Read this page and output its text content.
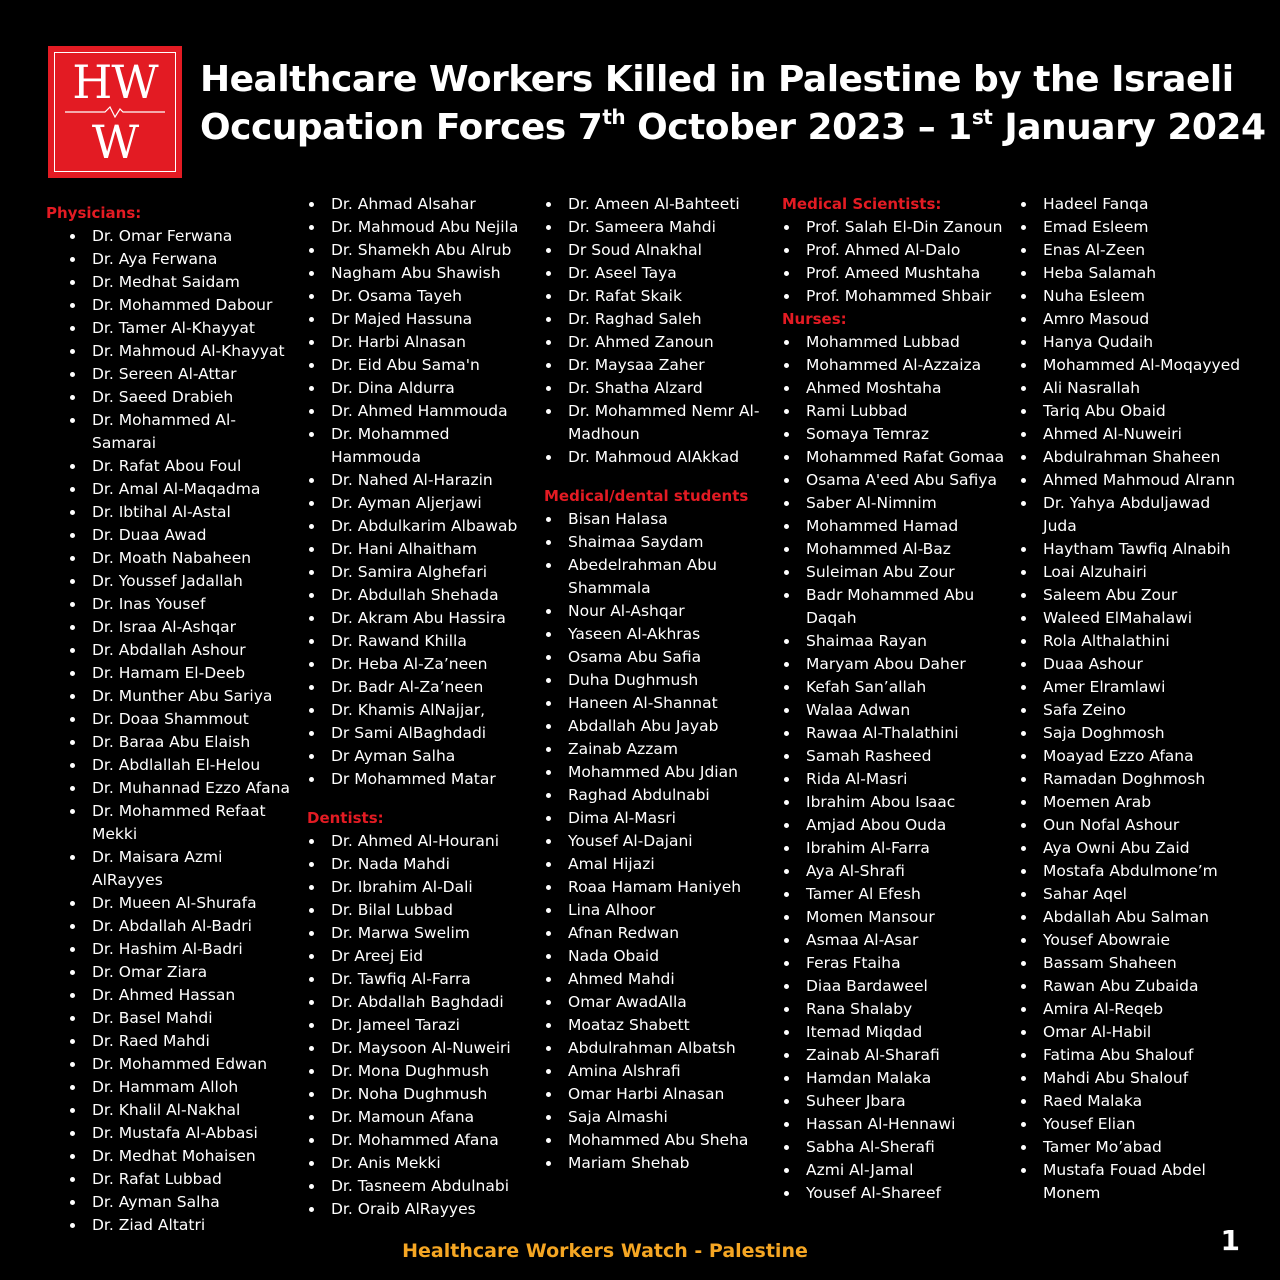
HW
W
Healthcare Workers Killed in Palestine by the Israeli
Occupation Forces 7th October 2023 – 1st January 2024
Physicians:
Dr. Omar Ferwana
Dr. Aya Ferwana
Dr. Medhat Saidam
Dr. Mohammed Dabour
Dr. Tamer Al-Khayyat
Dr. Mahmoud Al-Khayyat
Dr. Sereen Al-Attar
Dr. Saeed Drabieh
Dr. Mohammed Al-Samarai
Dr. Rafat Abou Foul
Dr. Amal Al-Maqadma
Dr. Ibtihal Al-Astal
Dr. Duaa Awad
Dr. Moath Nabaheen
Dr. Youssef Jadallah
Dr. Inas Yousef
Dr. Israa Al-Ashqar
Dr. Abdallah Ashour
Dr. Hamam El-Deeb
Dr. Munther Abu Sariya
Dr. Doaa Shammout
Dr. Baraa Abu Elaish
Dr. Abdlallah El-Helou
Dr. Muhannad Ezzo Afana
Dr. Mohammed Refaat Mekki
Dr. Maisara Azmi AlRayyes
Dr. Mueen Al-Shurafa
Dr. Abdallah Al-Badri
Dr. Hashim Al-Badri
Dr. Omar Ziara
Dr. Ahmed Hassan
Dr. Basel Mahdi
Dr. Raed Mahdi
Dr. Mohammed Edwan
Dr. Hammam Alloh
Dr. Khalil Al-Nakhal
Dr. Mustafa Al-Abbasi
Dr. Medhat Mohaisen
Dr. Rafat Lubbad
Dr. Ayman Salha
Dr. Ziad Altatri
Dr. Ahmad Alsahar
Dr. Mahmoud Abu Nejila
Dr. Shamekh Abu Alrub
Nagham Abu Shawish
Dr. Osama Tayeh
Dr Majed Hassuna
Dr. Harbi Alnasan
Dr. Eid Abu Sama'n
Dr. Dina Aldurra
Dr. Ahmed Hammouda
Dr. Mohammed Hammouda
Dr. Nahed Al-Harazin
Dr. Ayman Aljerjawi
Dr. Abdulkarim Albawab
Dr. Hani Alhaitham
Dr. Samira Alghefari
Dr. Abdullah Shehada
Dr. Akram Abu Hassira
Dr. Rawand Khilla
Dr. Heba Al-Za’neen
Dr. Badr Al-Za’neen
Dr. Khamis AlNajjar,
Dr Sami AlBaghdadi
Dr Ayman Salha
Dr Mohammed Matar
Dentists:
Dr. Ahmed Al-Hourani
Dr. Nada Mahdi
Dr. Ibrahim Al-Dali
Dr. Bilal Lubbad
Dr. Marwa Swelim
Dr Areej Eid
Dr. Tawfiq Al-Farra
Dr. Abdallah Baghdadi
Dr. Jameel Tarazi
Dr. Maysoon Al-Nuweiri
Dr. Mona Dughmush
Dr. Noha Dughmush
Dr. Mamoun Afana
Dr. Mohammed Afana
Dr. Anis Mekki
Dr. Tasneem Abdulnabi
Dr. Oraib AlRayyes
Dr. Ameen Al-Bahteeti
Dr. Sameera Mahdi
Dr Soud Alnakhal
Dr. Aseel Taya
Dr. Rafat Skaik
Dr. Raghad Saleh
Dr. Ahmed Zanoun
Dr. Maysaa Zaher
Dr. Shatha Alzard
Dr. Mohammed Nemr Al-Madhoun
Dr. Mahmoud AlAkkad
Medical/dental students
Bisan Halasa
Shaimaa Saydam
Abedelrahman Abu Shammala
Nour Al-Ashqar
Yaseen Al-Akhras
Osama Abu Safia
Duha Dughmush
Haneen Al-Shannat
Abdallah Abu Jayab
Zainab Azzam
Mohammed Abu Jdian
Raghad Abdulnabi
Dima Al-Masri
Yousef Al-Dajani
Amal Hijazi
Roaa Hamam Haniyeh
Lina Alhoor
Afnan Redwan
Nada Obaid
Ahmed Mahdi
Omar AwadAlla
Moataz Shabett
Abdulrahman Albatsh
Amina Alshrafi
Omar Harbi Alnasan
Saja Almashi
Mohammed Abu Sheha
Mariam Shehab
Medical Scientists:
Prof. Salah El-Din Zanoun
Prof. Ahmed Al-Dalo
Prof. Ameed Mushtaha
Prof. Mohammed Shbair
Nurses:
Mohammed Lubbad
Mohammed Al-Azzaiza
Ahmed Moshtaha
Rami Lubbad
Somaya Temraz
Mohammed Rafat Gomaa
Osama A'eed Abu Safiya
Saber Al-Nimnim
Mohammed Hamad
Mohammed Al-Baz
Suleiman Abu Zour
Badr Mohammed Abu Daqah
Shaimaa Rayan
Maryam Abou Daher
Kefah San’allah
Walaa Adwan
Rawaa Al-Thalathini
Samah Rasheed
Rida Al-Masri
Ibrahim Abou Isaac
Amjad Abou Ouda
Ibrahim Al-Farra
Aya Al-Shrafi
Tamer Al Efesh
Momen Mansour
Asmaa Al-Asar
Feras Ftaiha
Diaa Bardaweel
Rana Shalaby
Itemad Miqdad
Zainab Al-Sharafi
Hamdan Malaka
Suheer Jbara
Hassan Al-Hennawi
Sabha Al-Sherafi
Azmi Al-Jamal
Yousef Al-Shareef
Hadeel Fanqa
Emad Esleem
Enas Al-Zeen
Heba Salamah
Nuha Esleem
Amro Masoud
Hanya Qudaih
Mohammed Al-Moqayyed
Ali Nasrallah
Tariq Abu Obaid
Ahmed Al-Nuweiri
Abdulrahman Shaheen
Ahmed Mahmoud Alrann
Dr. Yahya Abduljawad Juda
Haytham Tawfiq Alnabih
Loai Alzuhairi
Saleem Abu Zour
Waleed ElMahalawi
Rola Althalathini
Duaa Ashour
Amer Elramlawi
Safa Zeino
Saja Doghmosh
Moayad Ezzo Afana
Ramadan Doghmosh
Moemen Arab
Oun Nofal Ashour
Aya Owni Abu Zaid
Mostafa Abdulmone’m
Sahar Aqel
Abdallah Abu Salman
Yousef Abowraie
Bassam Shaheen
Rawan Abu Zubaida
Amira Al-Reqeb
Omar Al-Habil
Fatima Abu Shalouf
Mahdi Abu Shalouf
Raed Malaka
Yousef Elian
Tamer Mo’abad
Mustafa Fouad Abdel Monem
Healthcare Workers Watch - Palestine	1
